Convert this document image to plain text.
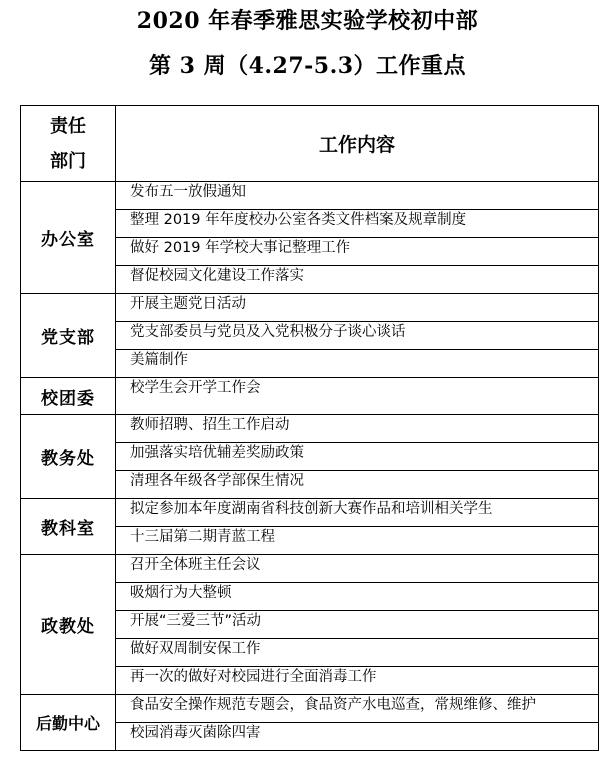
2020 年春季雅思实验学校初中部
第 3 周（4.27-5.3）工作重点
责任
部门	工作内容
办公室	发布五一放假通知
	整理 2019 年年度校办公室各类文件档案及规章制度
	做好 2019 年学校大事记整理工作
	督促校园文化建设工作落实
党支部	开展主题党日活动
	党支部委员与党员及入党积极分子谈心谈话
	美篇制作
校团委	校学生会开学工作会
教务处	教师招聘、招生工作启动
	加强落实培优辅差奖励政策
	清理各年级各学部保生情况
教科室	拟定参加本年度湖南省科技创新大赛作品和培训相关学生
	十三届第二期青蓝工程
政教处	召开全体班主任会议
	吸烟行为大整顿
	开展“三爱三节”活动
	做好双周制安保工作
	再一次的做好对校园进行全面消毒工作
后勤中心	食品安全操作规范专题会，食品资产水电巡查，常规维修、维护
	校园消毒灭菌除四害
